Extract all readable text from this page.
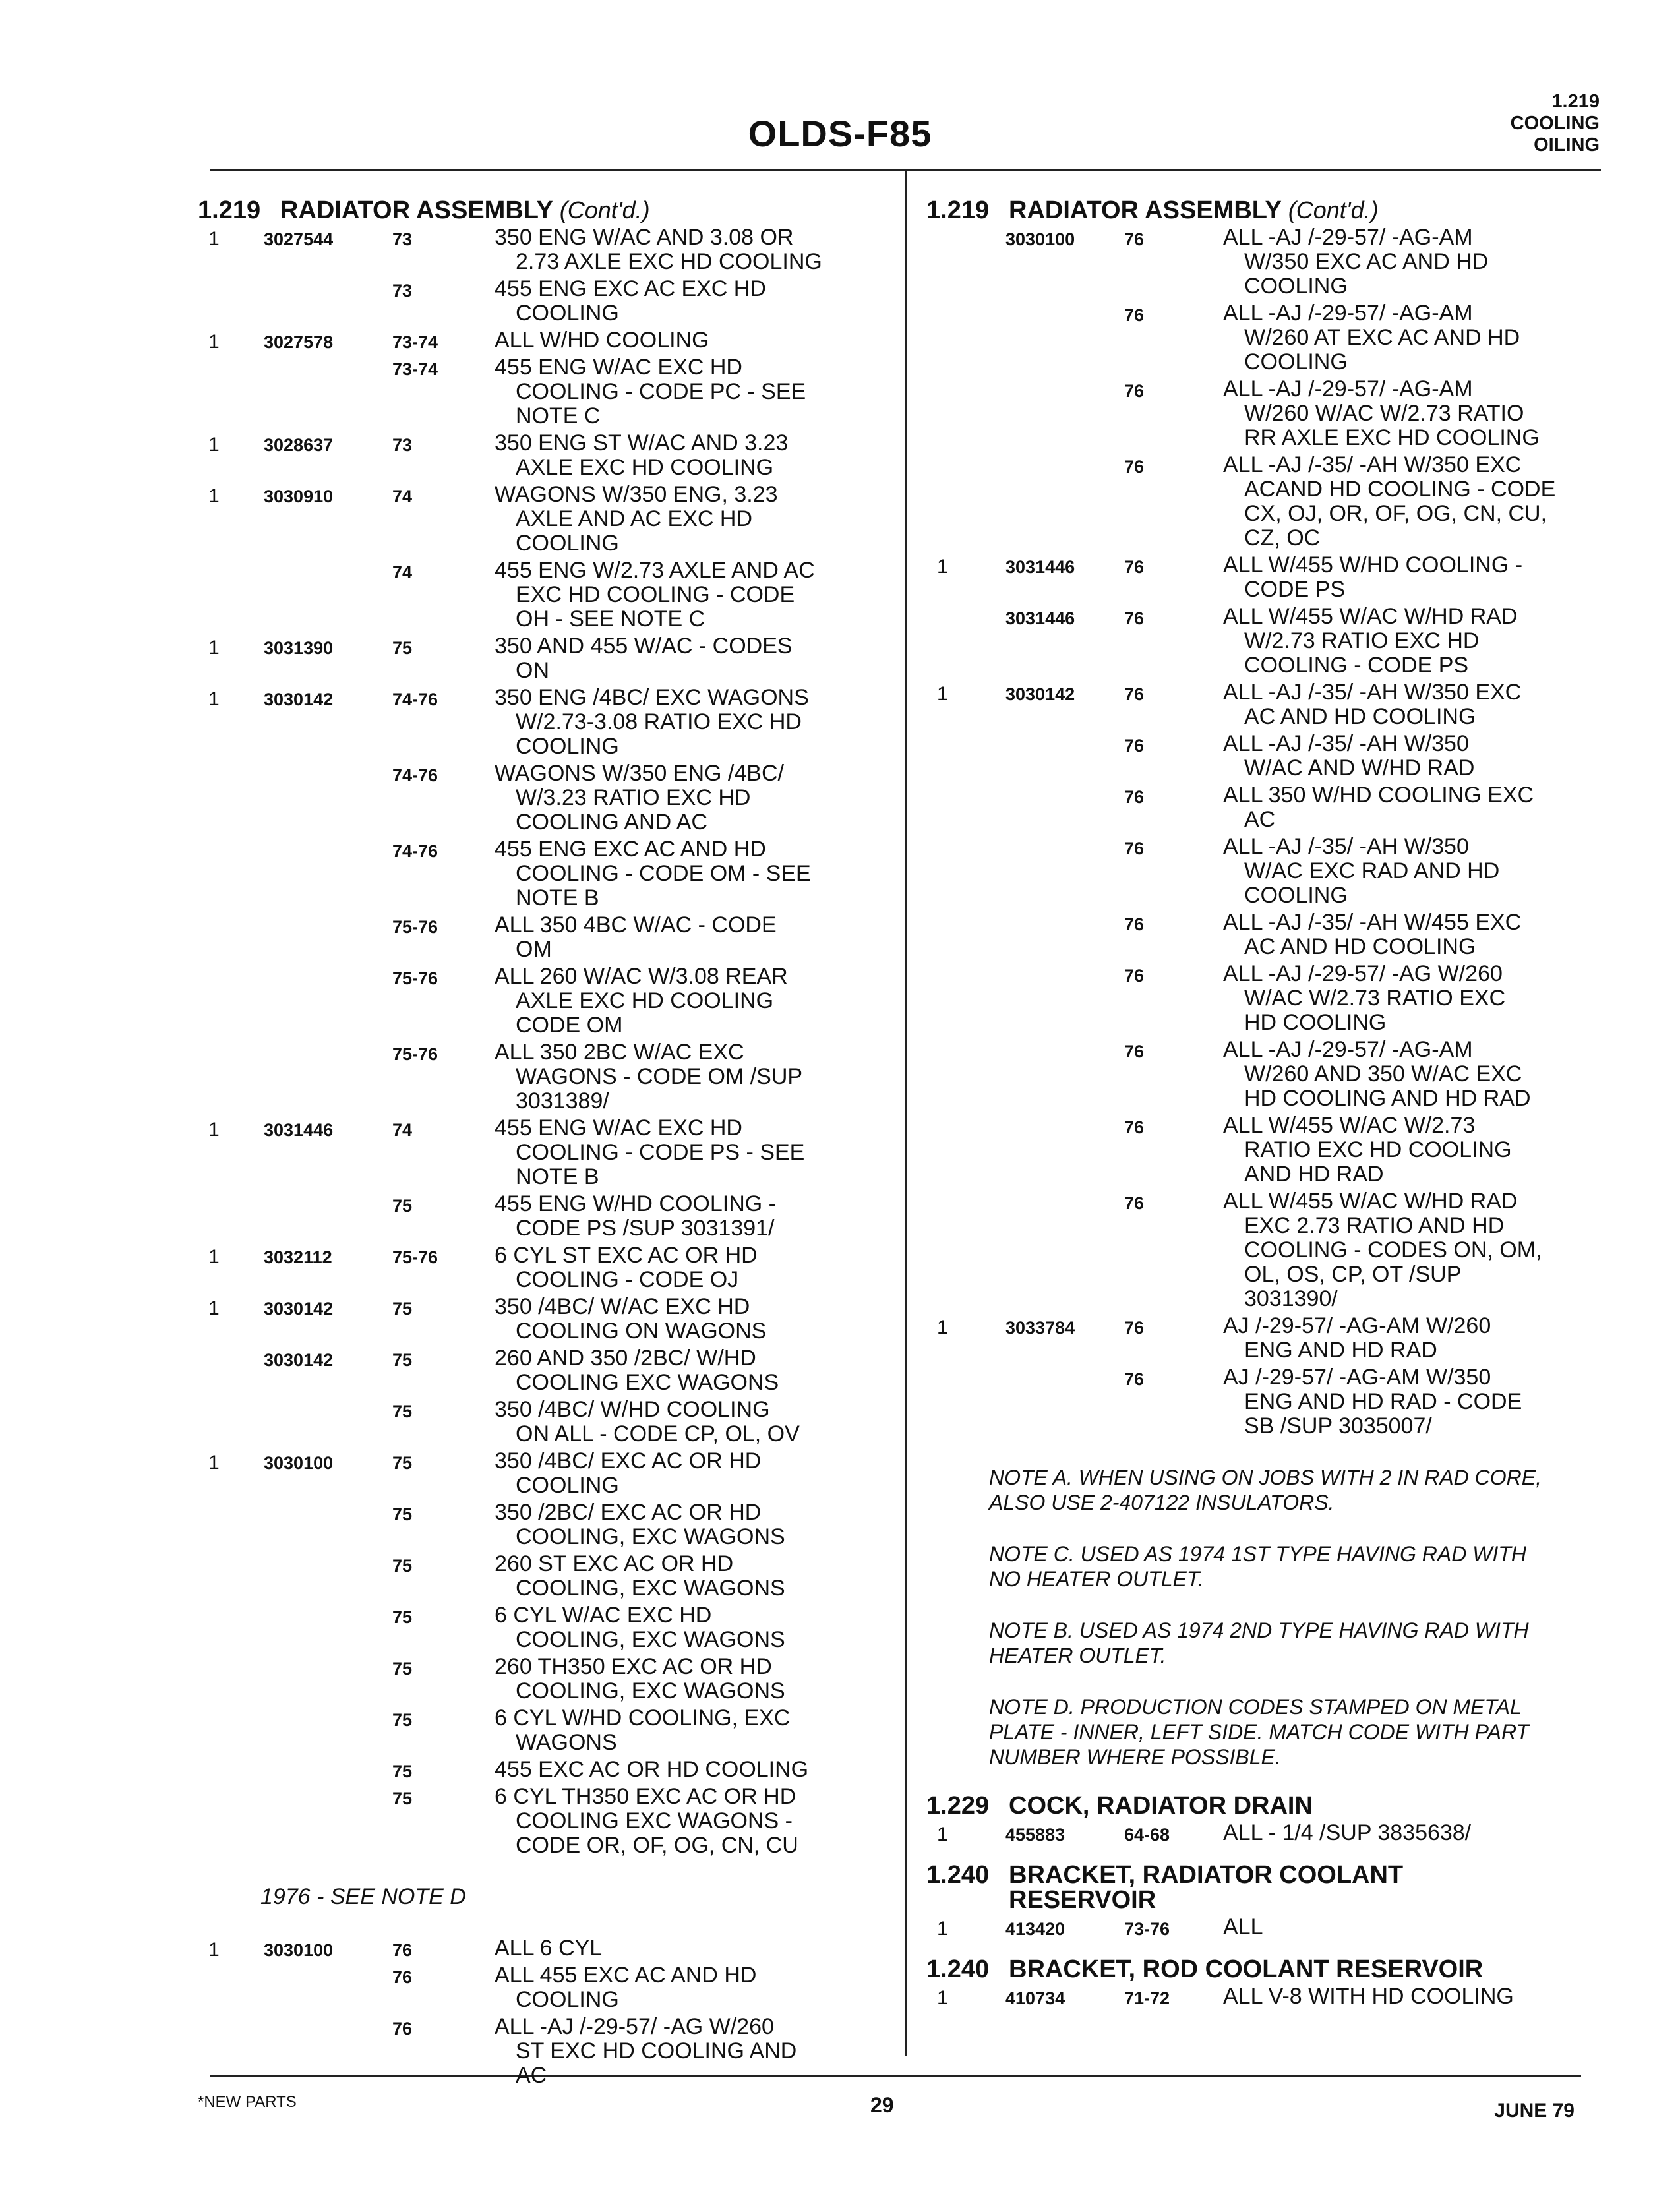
OLDS-F85
1.219
COOLING
OILING
1.219 RADIATOR ASSEMBLY (Cont'd.)
1 3027544	73	350 ENG W/AC AND 3.08 OR
2.73 AXLE EXC HD COOLING
73	455 ENG EXC AC EXC HD
COOLING
1 3027578	73-74	ALL W/HD COOLING
73-74	455 ENG W/AC EXC HD
COOLING - CODE PC - SEE
NOTE C
1 3028637	73	350 ENG ST W/AC AND 3.23
AXLE EXC HD COOLING
1 3030910	74	WAGONS W/350 ENG, 3.23
AXLE AND AC EXC HD
COOLING
74	455 ENG W/2.73 AXLE AND AC
EXC HD COOLING - CODE
OH - SEE NOTE C
1 3031390	75	350 AND 455 W/AC - CODES
ON
1 3030142	74-76	350 ENG /4BC/ EXC WAGONS
W/2.73-3.08 RATIO EXC HD
COOLING
74-76	WAGONS W/350 ENG /4BC/
W/3.23 RATIO EXC HD
COOLING AND AC
74-76	455 ENG EXC AC AND HD
COOLING - CODE OM - SEE
NOTE B
75-76	ALL 350 4BC W/AC - CODE
OM
75-76	ALL 260 W/AC W/3.08 REAR
AXLE EXC HD COOLING
CODE OM
75-76	ALL 350 2BC W/AC EXC
WAGONS - CODE OM /SUP
3031389/
1 3031446	74	455 ENG W/AC EXC HD
COOLING - CODE PS - SEE
NOTE B
75	455 ENG W/HD COOLING -
CODE PS /SUP 3031391/
1 3032112	75-76	6 CYL ST EXC AC OR HD
COOLING - CODE OJ
1 3030142	75	350 /4BC/ W/AC EXC HD
COOLING ON WAGONS
3030142	75	260 AND 350 /2BC/ W/HD
COOLING EXC WAGONS
75	350 /4BC/ W/HD COOLING
ON ALL - CODE CP, OL, OV
1 3030100	75	350 /4BC/ EXC AC OR HD
COOLING
75	350 /2BC/ EXC AC OR HD
COOLING, EXC WAGONS
75	260 ST EXC AC OR HD
COOLING, EXC WAGONS
75	6 CYL W/AC EXC HD
COOLING, EXC WAGONS
75	260 TH350 EXC AC OR HD
COOLING, EXC WAGONS
75	6 CYL W/HD COOLING, EXC
WAGONS
75	455 EXC AC OR HD COOLING
75	6 CYL TH350 EXC AC OR HD
COOLING EXC WAGONS -
CODE OR, OF, OG, CN, CU
1976 - SEE NOTE D
1 3030100	76	ALL 6 CYL
76	ALL 455 EXC AC AND HD
COOLING
76	ALL -AJ /-29-57/ -AG W/260
ST EXC HD COOLING AND
AC
1.219 RADIATOR ASSEMBLY (Cont'd.)
3030100	76	ALL -AJ /-29-57/ -AG-AM
W/350 EXC AC AND HD
COOLING
76	ALL -AJ /-29-57/ -AG-AM
W/260 AT EXC AC AND HD
COOLING
76	ALL -AJ /-29-57/ -AG-AM
W/260 W/AC W/2.73 RATIO
RR AXLE EXC HD COOLING
76	ALL -AJ /-35/ -AH W/350 EXC
ACAND HD COOLING - CODE
CX, OJ, OR, OF, OG, CN, CU,
CZ, OC
1	3031446	76	ALL W/455 W/HD COOLING -
CODE PS
3031446	76	ALL W/455 W/AC W/HD RAD
W/2.73 RATIO EXC HD
COOLING - CODE PS
1	3030142	76	ALL -AJ /-35/ -AH W/350 EXC
AC AND HD COOLING
76	ALL -AJ /-35/ -AH W/350
W/AC AND W/HD RAD
76	ALL 350 W/HD COOLING EXC
AC
76	ALL -AJ /-35/ -AH W/350
W/AC EXC RAD AND HD
COOLING
76	ALL -AJ /-35/ -AH W/455 EXC
AC AND HD COOLING
76	ALL -AJ /-29-57/ -AG W/260
W/AC W/2.73 RATIO EXC
HD COOLING
76	ALL -AJ /-29-57/ -AG-AM
W/260 AND 350 W/AC EXC
HD COOLING AND HD RAD
76	ALL W/455 W/AC W/2.73
RATIO EXC HD COOLING
AND HD RAD
76	ALL W/455 W/AC W/HD RAD
EXC 2.73 RATIO AND HD
COOLING - CODES ON, OM,
OL, OS, CP, OT /SUP
3031390/
1	3033784	76	AJ /-29-57/ -AG-AM W/260
ENG AND HD RAD
76	AJ /-29-57/ -AG-AM W/350
ENG AND HD RAD - CODE
SB /SUP 3035007/
NOTE A. WHEN USING ON JOBS WITH 2 IN RAD CORE,
ALSO USE 2-407122 INSULATORS.
NOTE C. USED AS 1974 1ST TYPE HAVING RAD WITH
NO HEATER OUTLET.
NOTE B. USED AS 1974 2ND TYPE HAVING RAD WITH
HEATER OUTLET.
NOTE D. PRODUCTION CODES STAMPED ON METAL
PLATE - INNER, LEFT SIDE. MATCH CODE WITH PART
NUMBER WHERE POSSIBLE.
1.229 COCK, RADIATOR DRAIN
1	455883	64-68 ALL - 1/4 /SUP 3835638/
1.240 BRACKET, RADIATOR COOLANT
RESERVOIR
1	413420	73-76 ALL
1.240 BRACKET, ROD COOLANT RESERVOIR
1	410734	71-72 ALL V-8 WITH HD COOLING
*NEW PARTS	29	JUNE 79
